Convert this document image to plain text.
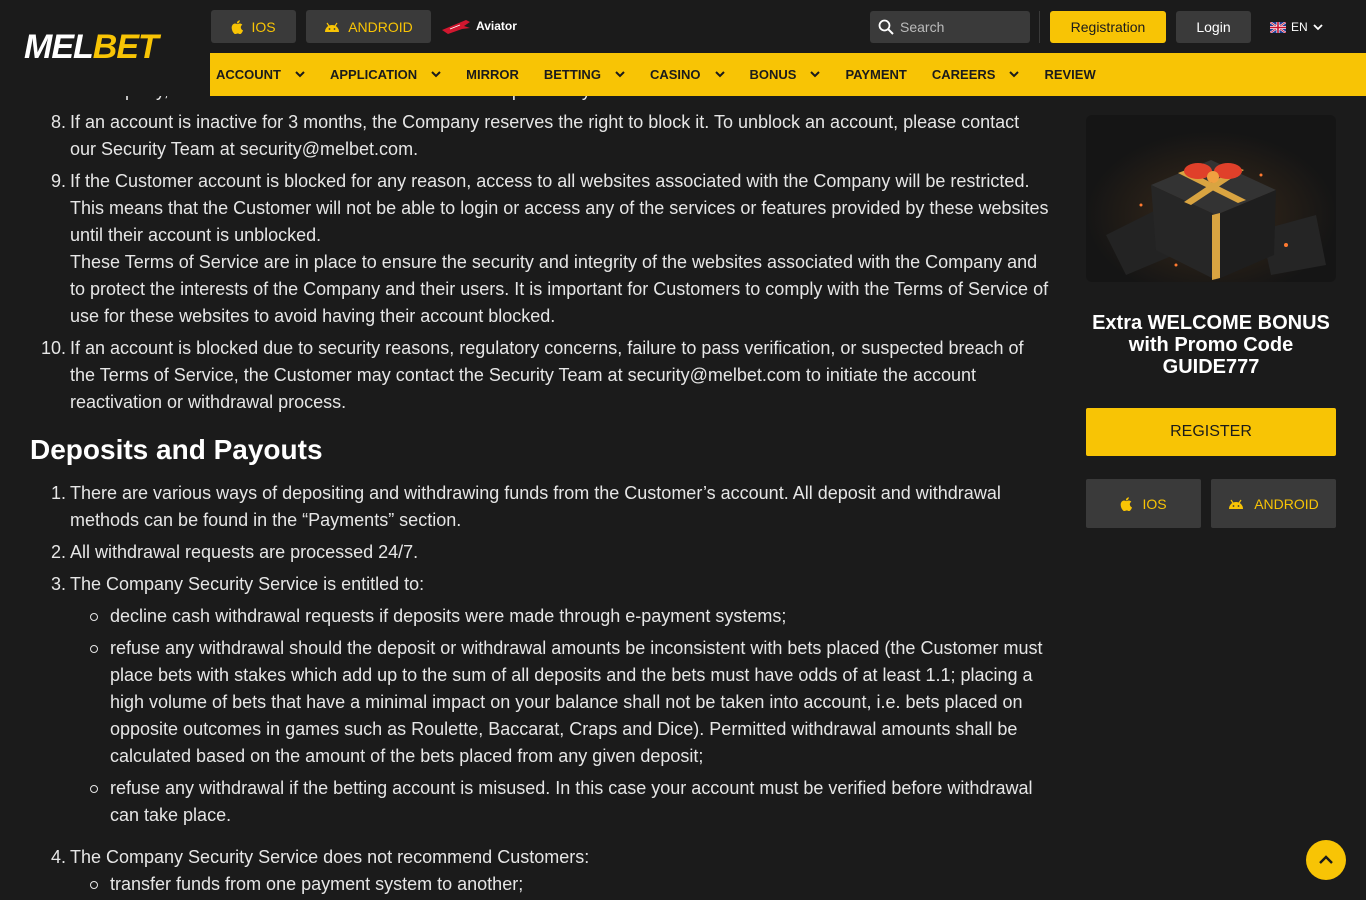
8. If an account is inactive for 3 months, the Company reserves the right to block it. To unblock an account, please contact our Security Team at security@melbet.com.
9. If the Customer account is blocked for any reason, access to all websites associated with the Company will be restricted. This means that the Customer will not be able to login or access any of the services or features provided by these websites until their account is unblocked.
These Terms of Service are in place to ensure the security and integrity of the websites associated with the Company and to protect the interests of the Company and their users. It is important for Customers to comply with the Terms of Service of use for these websites to avoid having their account blocked.
10. If an account is blocked due to security reasons, regulatory concerns, failure to pass verification, or suspected breach of the Terms of Service, the Customer may contact the Security Team at security@melbet.com to initiate the account reactivation or withdrawal process.
Deposits and Payouts
1. There are various ways of depositing and withdrawing funds from the Customer’s account. All deposit and withdrawal methods can be found in the “Payments” section.
2. All withdrawal requests are processed 24/7.
3. The Company Security Service is entitled to:
decline cash withdrawal requests if deposits were made through e-payment systems;
refuse any withdrawal should the deposit or withdrawal amounts be inconsistent with bets placed (the Customer must place bets with stakes which add up to the sum of all deposits and the bets must have odds of at least 1.1; placing a high volume of bets that have a minimal impact on your balance shall not be taken into account, i.e. bets placed on opposite outcomes in games such as Roulette, Baccarat, Craps and Dice). Permitted withdrawal amounts shall be calculated based on the amount of the bets placed from any given deposit;
refuse any withdrawal if the betting account is misused. In this case your account must be verified before withdrawal can take place.
4. The Company Security Service does not recommend Customers:
transfer funds from one payment system to another;
MELBET
IOS	ANDROID	Aviator
Search	Registration	Login	EN
ACCOUNT	APPLICATION	MIRROR BETTING	CASINO	BONUS	PAYMENT CAREERS	REVIEW
Extra WELCOME BONUS with Promo Code GUIDE777
REGISTER
IOS	ANDROID
